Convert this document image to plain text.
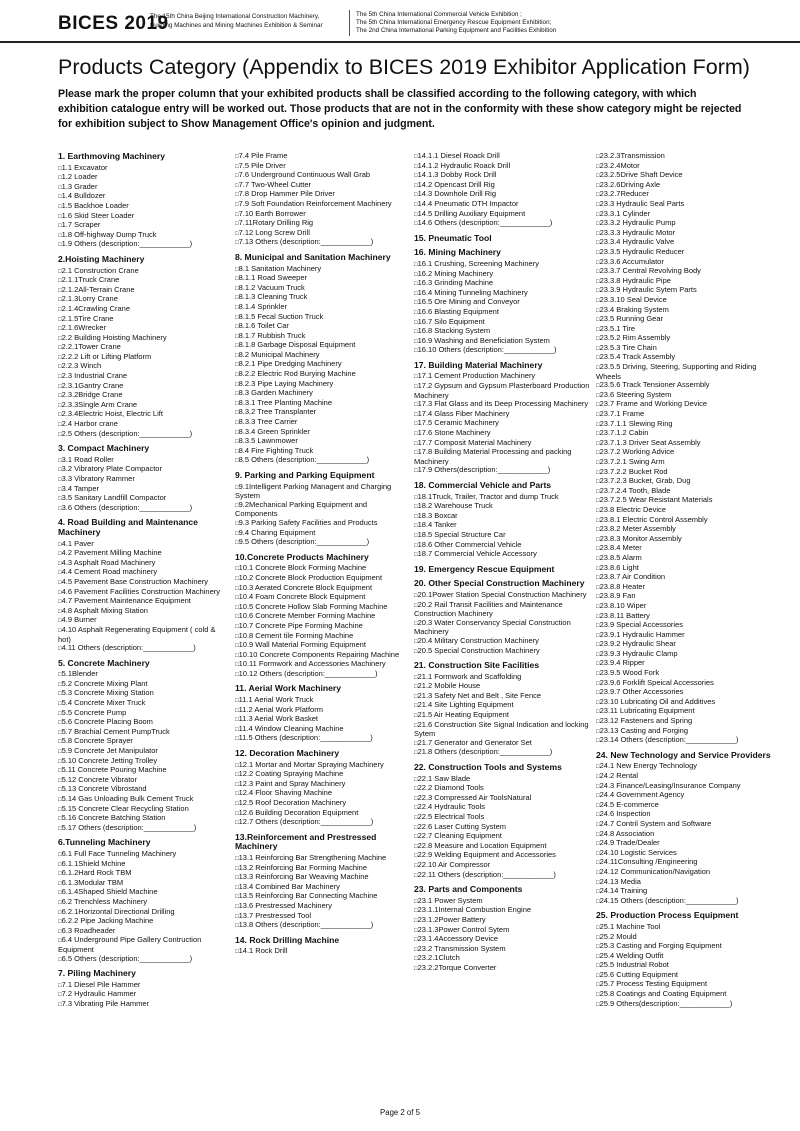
BICES 2019
The 15th China Beijing International Construction Machinery,
Building Machines and Mining Machines Exhibition & Seminar
The 5th China International Commercial Vehicle Exhibition ;
The 5th China International Emergency Rescue Equipment Exhibition;
The 2nd China International Parking Equipment and Facilities Exhibition
Products Category (Appendix to BICES 2019 Exhibitor Application Form)
Please mark the proper column that your exhibited products shall be classified according to the following category, with which exhibition catalogue entry will be worked out. Those products that are not in the conformity with these show category might be rejected for exhibition subject to Show Management Office's opinion and judgment.
1. Earthmoving Machinery
□ 1.1 Excavator
□ 1.2 Loader
□ 1.3 Grader
□ 1.4 Bulldozer
□ 1.5 Backhoe Loader
□ 1.6 Skid Steer Loader
□ 1.7 Scraper
□ 1.8 Off-highway Dump Truck
□ 1.9 Others (description:____________)
2.Hoisting Machinery
□ 2.1 Construction Crane
□ 2.1.1Truck Crane
□ 2.1.2All-Terrain Crane
□ 2.1.3Lorry Crane
□ 2.1.4Crawling Crane
□ 2.1.5Tire Crane
□ 2.1.6Wrecker
□ 2.2 Building Hoisting Machinery
□ 2.2.1Tower Crane
□ 2.2.2 Lift or Lifting Platform
□ 2.2.3 Winch
□ 2.3 Industrial Crane
□ 2.3.1Gantry Crane
□ 2.3.2Bridge Crane
□ 2.3.3Single Arm Crane
□ 2.3.4Electric Hoist, Electric Lift
□ 2.4 Harbor crane
□ 2.5 Others (description:____________)
3. Compact Machinery
□ 3.1 Road Roller
□ 3.2 Vibratory Plate Compactor
□ 3.3 Vibratory Rammer
□ 3.4 Tamper
□ 3.5 Sanitary Landfill Compactor
□ 3.6 Others (description:____________)
4. Road Building and Maintenance Machinery
□ 4.1 Paver
□ 4.2 Pavement Milling Machine
□ 4.3 Asphalt Road Machinery
□ 4.4 Cement Road machinery
□ 4.5 Pavement Base Construction Machinery
□ 4.6 Pavement Facilities Construction Machinery
□ 4.7 Pavement Maintenance Equipment
□ 4.8 Asphalt Mixing Station
□ 4.9 Burner
□ 4.10 Asphalt Regenerating Equipment ( cold & hot)
□ 4.11 Others (description:____________)
5. Concrete Machinery
□ 5.1Blender
□ 5.2 Concrete Mixing Plant
□ 5.3 Concrete Mixing Station
□ 5.4 Concrete Mixer Truck
□ 5.5 Concrete Pump
□ 5.6 Concrete Placing Boom
□ 5.7 Brachial Cement PumpTruck
□ 5.8 Concrete Sprayer
□ 5.9 Concrete Jet Manipulator
□ 5.10 Concrete Jetting Trolley
□ 5.11 Concrete Pouring Machine
□ 5.12 Concrete Vibrator
□ 5.13 Concrete Vibrostand
□ 5.14 Gas Unloading Bulk Cement Truck
□ 5.15 Concrete Clear Recycling Station
□ 5.16 Concrete Batching Station
□ 5.17 Others (description:____________)
6.Tunneling Machinery
□ 6.1 Full Face Tunneling Machinery
□ 6.1.1Shield Mchine
□ 6.1.2Hard Rock TBM
□ 6.1.3Modular TBM
□ 6.1.4Shaped Shield Machine
□ 6.2 Trenchless Machinery
□ 6.2.1Horizontal Directional Drilling
□ 6.2.2 Pipe Jacking Machine
□ 6.3 Roadheader
□ 6.4 Underground Pipe Gallery Contruction Equipment
□ 6.5 Others (description:____________)
7. Piling Machinery
□ 7.1 Diesel Pile Hammer
□ 7.2 Hydraulic Hammer
□ 7.3 Vibrating Pile Hammer
□ 7.4 Pile Frame
□ 7.5 Pile Driver
□ 7.6 Underground Continuous Wall Grab
□ 7.7 Two-Wheel Cutter
□ 7.8 Drop Hammer Pile Driver
□ 7.9 Soft Foundation Reinforcement Machinery
□ 7.10 Earth Borrower
□ 7.11Rotary Drilling Rig
□ 7.12 Long Screw Drill
□ 7.13 Others (description:____________)
8. Municipal and Sanitation Machinery
□ 8.1 Sanitation Machinery
□ 8.1.1 Road Sweeper
□ 8.1.2 Vacuum Truck
□ 8.1.3 Cleaning Truck
□ 8.1.4 Sprinkler
□ 8.1.5 Fecal Suction Truck
□ 8.1.6 Toilet Car
□ 8.1.7 Rubbish Truck
□ 8.1.8 Garbage Disposal Equipment
□ 8.2 Municipal Machinery
□ 8.2.1 Pipe Dredging Machinery
□ 8.2.2 Electric Rod Burying Machine
□ 8.2.3 Pipe Laying Machinery
□ 8.3 Garden Machinery
□ 8.3.1 Tree Planting Machine
□ 8.3.2 Tree Transplanter
□ 8.3.3 Tree Carrier
□ 8.3.4 Green Sprinkler
□ 8.3.5 Lawnmower
□ 8.4 Fire Fighting Truck
□ 8.5 Others (description:____________)
9. Parking and Parking Equipment
□ 9.1Intelligent Parking Managent and Charging System
□ 9.2Mechanical Parking Equipment and Components
□ 9.3 Parking Safety Facilities and Products
□ 9.4 Charing Equipment
□ 9.5 Others (description:____________)
10.Concrete Products Machinery
□ 10.1 Concrete Block Forming Machine
□ 10.2 Concrete Block Production Equipment
□ 10.3 Aerated Concrete Block Equipment
□ 10.4 Foam Concrete Block Equipment
□ 10.5 Concrete Hollow Slab Forming Machine
□ 10.6 Concrete Member Forming Machine
□ 10.7 Concrete Pipe Forming Machine
□ 10.8 Cement tile Forming Machine
□ 10.9 Wall Material Forming Equipment
□ 10.10 Concrete Components Repairing Machine
□ 10.11 Formwork and Accessories Machinery
□ 10.12 Others (description:____________)
11. Aerial Work Machinery
□ 11.1 Aerial Work Truck
□ 11.2 Aerial Work Platform
□ 11.3 Aerial Work Basket
□ 11.4 Window Cleaning Machine
□ 11.5 Others (description:____________)
12. Decoration Machinery
□ 12.1 Mortar and Mortar Spraying Machinery
□ 12.2 Coating Spraying Machine
□ 12.3 Paint and Spray Machinery
□ 12.4 Floor Shaving Machine
□ 12.5 Roof Decoration Machinery
□ 12.6 Building Decoration Equipment
□ 12.7 Others (description:____________)
13.Reinforcement and Prestressed Machinery
□ 13.1 Reinforcing Bar Strengthening Machine
□ 13.2 Reinforcing Bar Forming Machine
□ 13.3 Reinforcing Bar Weaving Machine
□ 13.4 Combined Bar Machinery
□ 13.5 Reinforcing Bar Connecting Machine
□ 13.6 Prestressed Machinery
□ 13.7 Prestressed Tool
□ 13.8 Others (description:____________)
14. Rock Drilling Machine
□ 14.1 Rock Drill
□ 14.1.1 Diesel Roack Drill
□ 14.1.2 Hydraulic Roack Drill
□ 14.1.3 Dobby Rock Drill
□ 14.2 Opencast Drill Rig
□ 14.3 Downhole Drill Rig
□ 14.4 Pneumatic DTH Impactor
□ 14.5 Drilling Auxiliary Equipment
□ 14.6 Others (description:____________)
15. Pneumatic Tool
16. Mining Machinery
□ 16.1 Crushing, Screening Machinery
□ 16.2 Mining Machinery
□ 16.3 Grinding Machine
□ 16.4 Mining Tunneling Machinery
□ 16.5 Ore Mining and Conveyor
□ 16.6 Blasting Equipment
□ 16.7 Silo Equipment
□ 16.8 Stacking System
□ 16.9 Washing and Beneficiation System
□ 16.10 Others (description:____________)
17. Building Material Machinery
□ 17.1 Cement Production Machinery
□ 17.2 Gypsum and Gypsum Plasterboard Production Machinery
□ 17.3 Flat Glass and its Deep Processing Machinery
□ 17.4 Glass Fiber Machinery
□ 17.5 Ceramic Machinery
□ 17.6 Stone Machinery
□ 17.7 Composit Material Machinery
□ 17.8 Building Material Processing and packing Machinery
□ 17.9 Others(description:____________)
18. Commercial Vehicle and Parts
□ 18.1Truck, Trailer, Tractor and dump Truck
□ 18.2 Warehouse Truck
□ 18.3 Boxcar
□ 18.4 Tanker
□ 18.5 Special Structure Car
□ 18.6 Other Commercial Vehicle
□ 18.7 Commercial Vehicle Accessory
19. Emergency Rescue Equipment
20. Other Special Construction Machinery
□ 20.1Power Station Special Construction Machinery
□ 20.2 Rail Transit Facilities and Maintenance Construction Machinery
□ 20.3 Water Conservancy Special Construction Machinery
□ 20.4 Military Construction Machinery
□ 20.5 Special Construction Machinery
21. Construction Site Facilities
□ 21.1 Formwork and Scaffolding
□ 21.2 Mobile House
□ 21.3 Safety Net and Belt , Site Fence
□ 21.4 Site Lighting Equipment
□ 21.5 Air Heating Equipment
□ 21.6 Construction Site Signal Indication and locking Sytem
□ 21.7 Generator and Generator Set
□ 21.8 Others (description:____________)
22. Construction Tools and Systems
□ 22.1 Saw Blade
□ 22.2 Diamond Tools
□ 22.3 Compressed Air ToolsNatural
□ 22.4 Hydraulic Tools
□ 22.5 Electrical Tools
□ 22.6 Laser Cutting System
□ 22.7 Cleaning Equipment
□ 22.8 Measure and Location Equipment
□ 22.9 Welding Equipment and Accessories
□ 22.10 Air Compressor
□ 22.11 Others (description:____________)
23. Parts and Components
□ 23.1 Power System
□ 23.1.1Internal Combustion Engine
□ 23.1.2Power Battery
□ 23.1.3Power Control Sytem
□ 23.1.4Accessory Device
□ 23.2 Transmission System
□ 23.2.1Clutch
□ 23.2.2Torque Converter
□ 23.2.3Transmission
□ 23.2.4Motor
□ 23.2.5Drive Shaft Device
□ 23.2.6Driving Axle
□ 23.2.7Reducer
□ 23.3 Hydraulic Seal Parts
□ 23.3.1 Cylinder
□ 23.3.2 Hydraulic Pump
□ 23.3.3 Hydraulic Motor
□ 23.3.4 Hydraulic Valve
□ 23.3.5 Hydraulic Reducer
□ 23.3.6 Accumulator
□ 23.3.7 Central Revolving Body
□ 23.3.8 Hydraulic Pipe
□ 23.3.9 Hydraulic Sytem Parts
□ 23.3.10 Seal Device
□ 23.4 Braking System
□ 23.5 Running Gear
□ 23.5.1 Tire
□ 23.5.2 Rim Assembly
□ 23.5.3 Tire Chain
□ 23.5.4 Track Assembly
□ 23.5.5 Driving, Steering, Supporting and Riding Wheels
□ 23.5.6 Track Tensioner Assembly
□ 23.6 Steering System
□ 23.7 Frame and Working Device
□ 23.7.1 Frame
□ 23.7.1.1 Slewing Ring
□ 23.7.1.2 Cabin
□ 23.7.1.3 Driver Seat Assembly
□ 23.7.2 Working Advice
□ 23.7.2.1 Swing Arm
□ 23.7.2.2 Bucket Rod
□ 23.7.2.3 Bucket, Grab, Dug
□ 23.7.2.4 Tooth, Blade
□ 23.7.2.5 Wear Resistant Materials
□ 23.8 Electric Device
□ 23.8.1 Electric Control Assembly
□ 23.8.2 Meter Assembly
□ 23.8.3 Monitor Assembly
□ 23.8.4 Meter
□ 23.8.5 Alarm
□ 23.8.6 Light
□ 23.8.7 Air Condition
□ 23.8.8 Heater
□ 23.8.9 Fan
□ 23.8.10 Wiper
□ 23.8.11 Battery
□ 23.9 Special Accessories
□ 23.9.1 Hydraulic Hammer
□ 23.9.2 Hydraulic Shear
□ 23.9.3 Hydraulic Clamp
□ 23.9.4 Ripper
□ 23.9.5 Wood Fork
□ 23.9.6 Forklift Speical Accessories
□ 23.9.7 Other Accessories
□ 23.10 Lubricating Oil and Additives
□ 23.11 Lubricating Equipment
□ 23.12 Fasteners and Spring
□ 23.13 Casting and Forging
□ 23.14 Others (description:____________)
24. New Technology and Service Providers
□ 24.1 New Energy Technology
□ 24.2 Rental
□ 24.3 Finance/Leasing/Insurance Company
□ 24.4 Government Agency
□ 24.5 E-commerce
□ 24.6 Inspection
□ 24.7 Contril System and Software
□ 24.8 Association
□ 24.9 Trade/Dealer
□ 24.10 Logistic Services
□ 24.11Consulting /Engineering
□ 24.12 Communication/Navigation
□ 24.13 Media
□ 24.14 Training
□ 24.15 Others (description:____________)
25. Production Process Equipment
□ 25.1 Machine Tool
□ 25.2 Mould
□ 25.3 Casting and Forging Equipment
□ 25.4 Welding Outfit
□ 25.5 Industrial Robot
□ 25.6 Cutting Equipment
□ 25.7 Process Testing Equipment
□ 25.8 Coatings and Coating Equipment
□ 25.9 Others(description:____________)
Page 2 of 5
